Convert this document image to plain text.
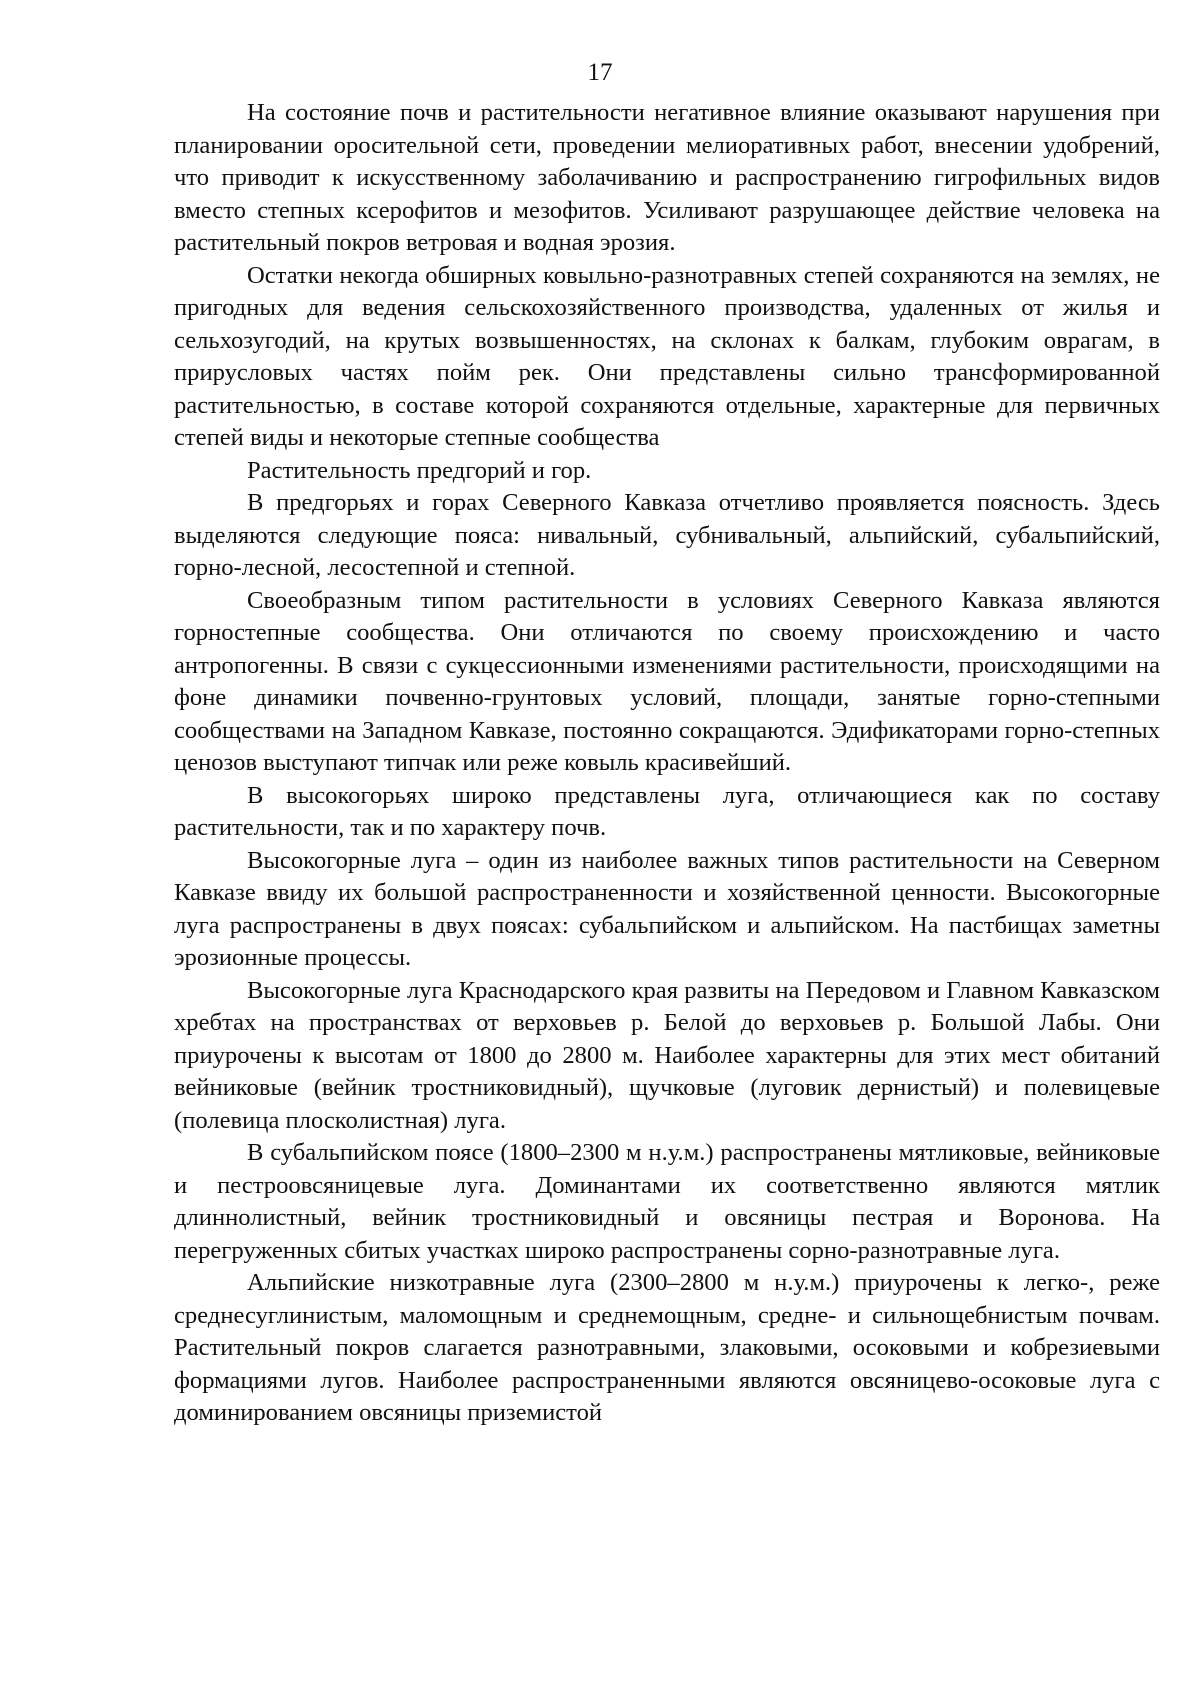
17

На состояние почв и растительности негативное влияние оказывают нарушения при планировании оросительной сети, проведении мелиоративных работ, внесении удобрений, что приводит к искусственному заболачиванию и распространению гигрофильных видов вместо степных ксерофитов и мезофитов. Усиливают разрушающее действие человека на растительный покров ветровая и водная эрозия.

Остатки некогда обширных ковыльно-разнотравных степей сохраняются на землях, не пригодных для ведения сельскохозяйственного производства, удаленных от жилья и сельхозугодий, на крутых возвышенностях, на склонах к балкам, глубоким оврагам, в прирусловых частях пойм рек. Они представлены сильно трансформированной растительностью, в составе которой сохраняются отдельные, характерные для первичных степей виды и некоторые степные сообщества

Растительность предгорий и гор.

В предгорьях и горах Северного Кавказа отчетливо проявляется поясность. Здесь выделяются следующие пояса: нивальный, субнивальный, альпийский, субальпийский, горно-лесной, лесостепной и степной.

Своеобразным типом растительности в условиях Северного Кавказа являются горностепные сообщества. Они отличаются по своему происхождению и часто антропогенны. В связи с сукцессионными изменениями растительности, происходящими на фоне динамики почвенно-грунтовых условий, площади, занятые горно-степными сообществами на Западном Кавказе, постоянно сокращаются. Эдификаторами горно-степных ценозов выступают типчак или реже ковыль красивейший.

В высокогорьях широко представлены луга, отличающиеся как по составу растительности, так и по характеру почв.

Высокогорные луга – один из наиболее важных типов растительности на Северном Кавказе ввиду их большой распространенности и хозяйственной ценности. Высокогорные луга распространены в двух поясах: субальпийском и альпийском. На пастбищах заметны эрозионные процессы.

Высокогорные луга Краснодарского края развиты на Передовом и Главном Кавказском хребтах на пространствах от верховьев р. Белой до верховьев р. Большой Лабы. Они приурочены к высотам от 1800 до 2800 м. Наиболее характерны для этих мест обитаний вейниковые (вейник тростниковидный), щучковые (луговик дернистый) и полевицевые (полевица плосколистная) луга.

В субальпийском поясе (1800–2300 м н.у.м.) распространены мятликовые, вейниковые и пестроовсяницевые луга. Доминантами их соответственно являются мятлик длиннолистный, вейник тростниковидный и овсяницы пестрая и Воронова. На перегруженных сбитых участках широко распространены сорно-разнотравные луга.

Альпийские низкотравные луга (2300–2800 м н.у.м.) приурочены к легко-, реже среднесуглинистым, маломощным и среднемощным, средне- и сильнощебнистым почвам. Растительный покров слагается разнотравными, злаковыми, осоковыми и кобрезиевыми формациями лугов. Наиболее распространенными являются овсяницево-осоковые луга с доминированием овсяницы приземистой
